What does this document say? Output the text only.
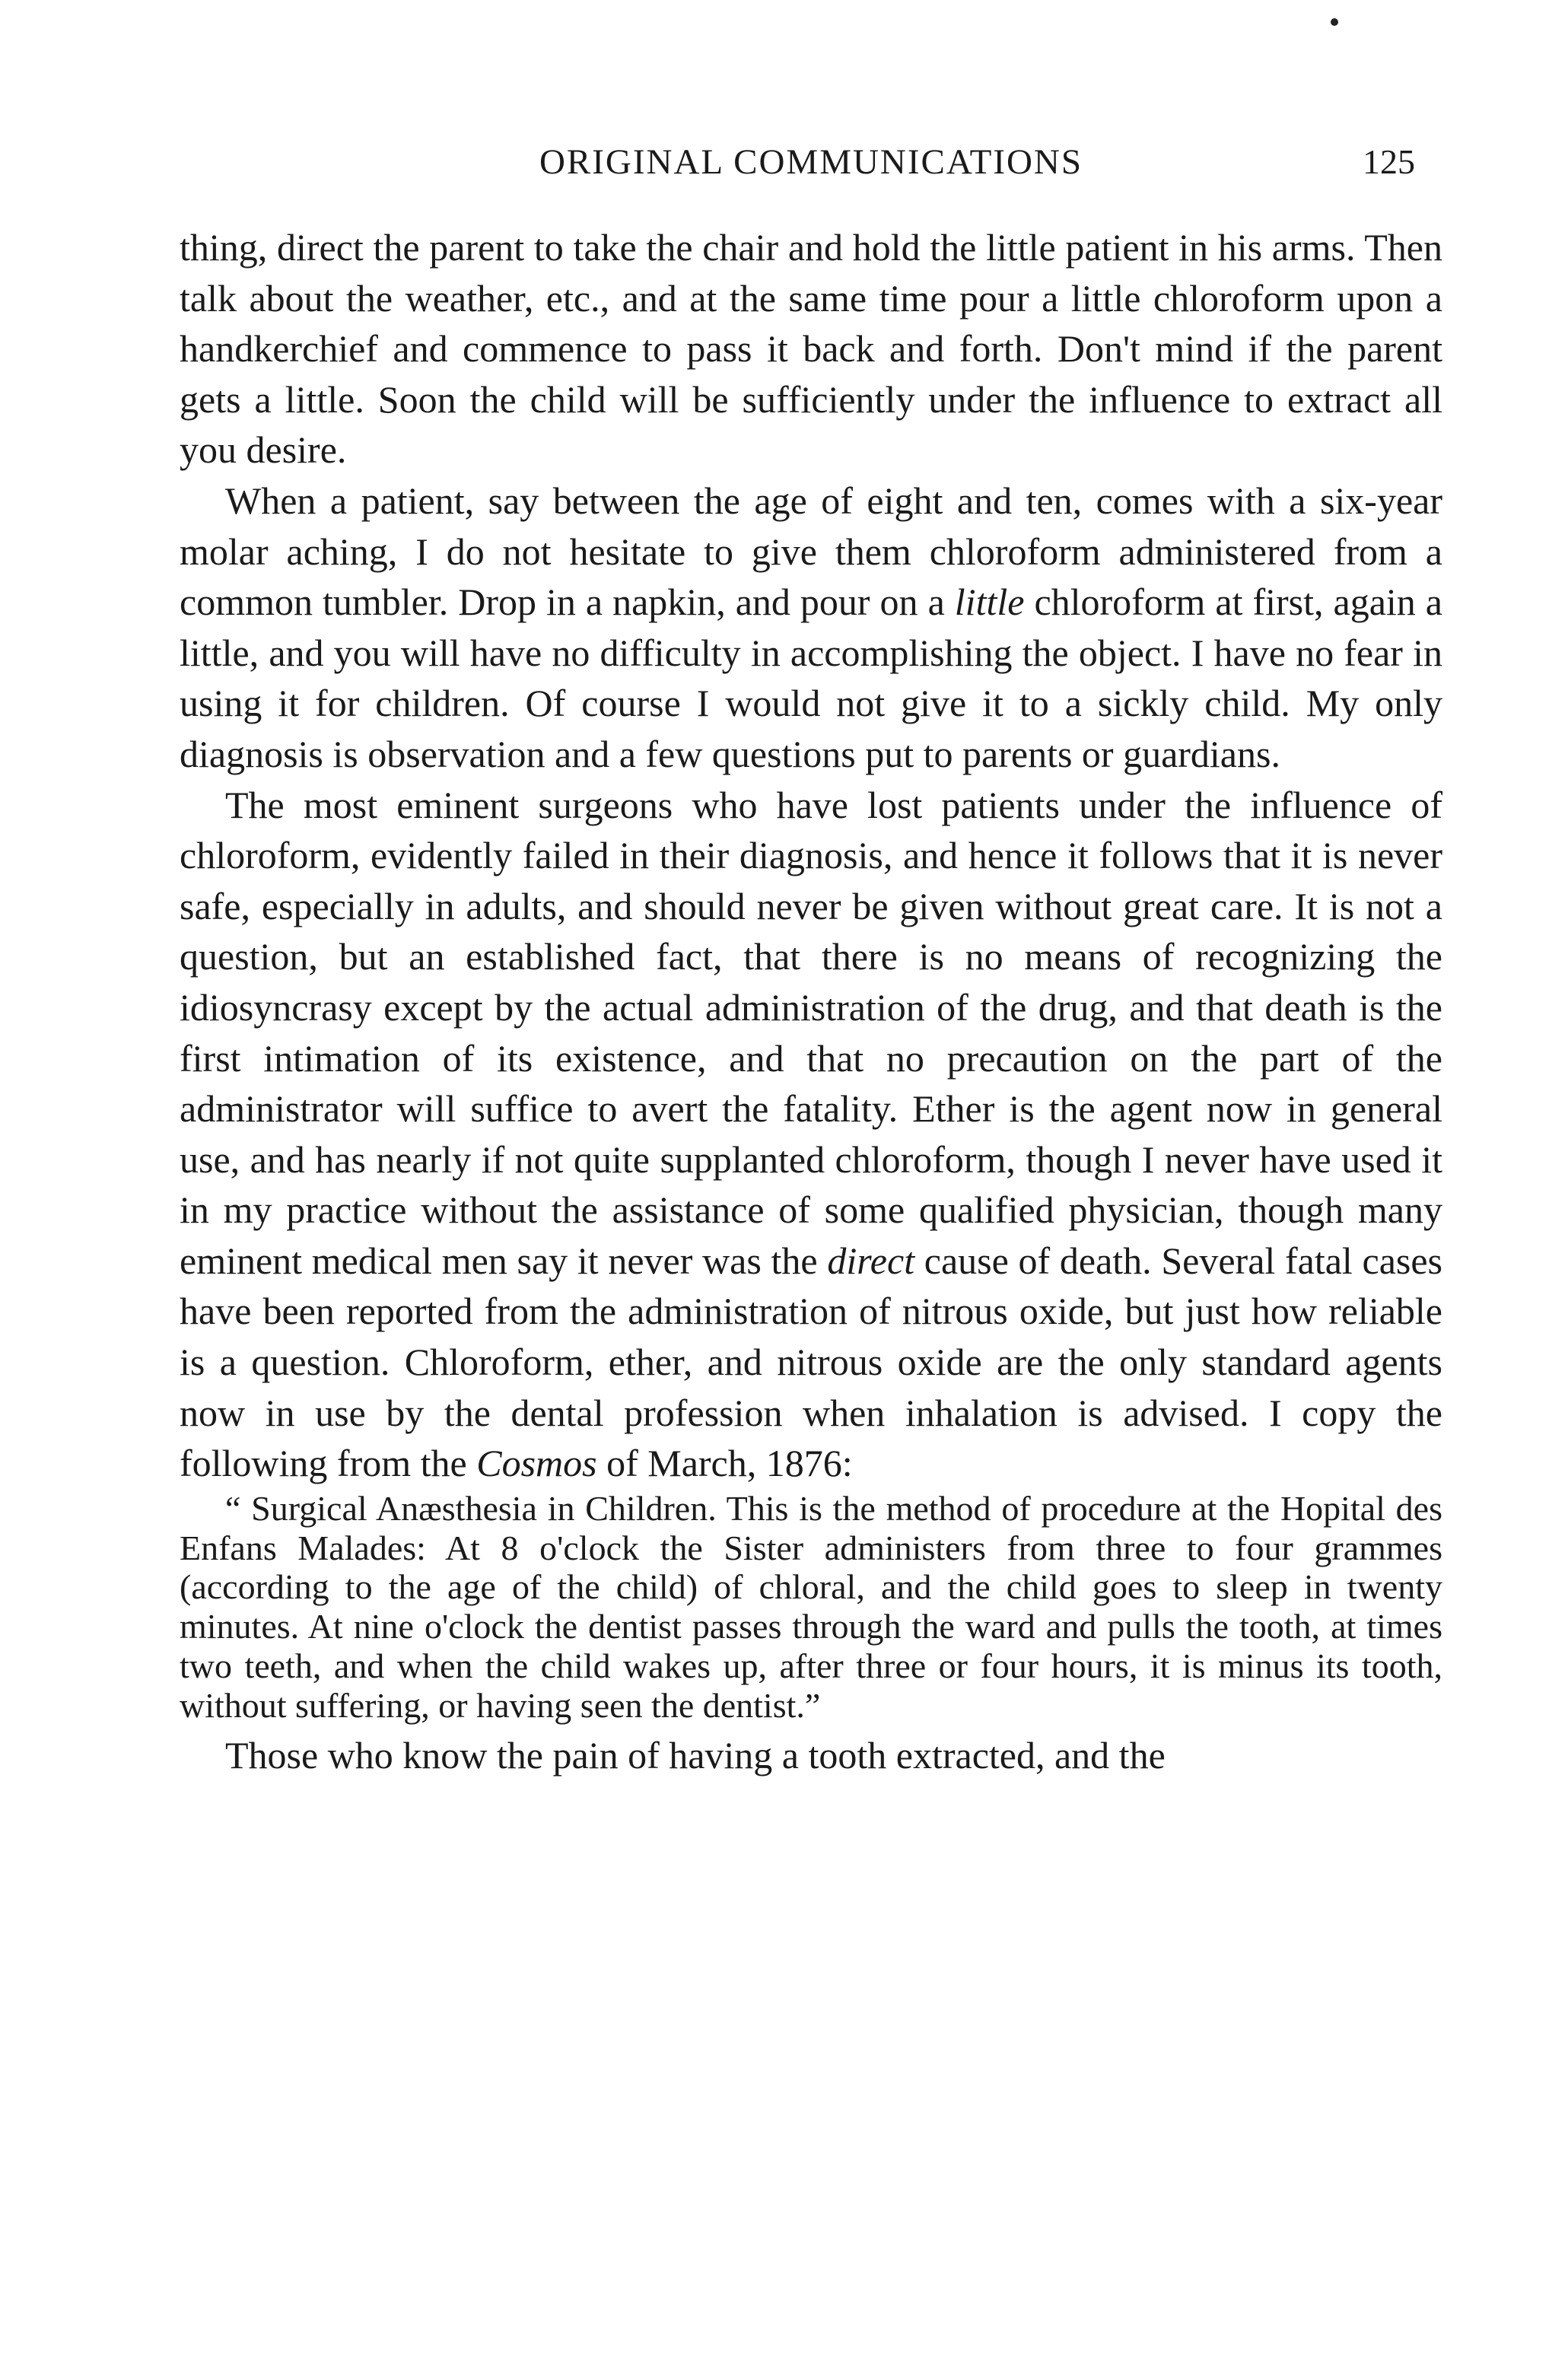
ORIGINAL COMMUNICATIONS	125

thing, direct the parent to take the chair and hold the little patient in his arms. Then talk about the weather, etc., and at the same time pour a little chloroform upon a handkerchief and commence to pass it back and forth. Don't mind if the parent gets a little. Soon the child will be sufficiently under the influence to extract all you desire.

When a patient, say between the age of eight and ten, comes with a six-year molar aching, I do not hesitate to give them chloroform administered from a common tumbler. Drop in a napkin, and pour on a little chloroform at first, again a little, and you will have no difficulty in accomplishing the object. I have no fear in using it for children. Of course I would not give it to a sickly child. My only diagnosis is observation and a few questions put to parents or guardians.

The most eminent surgeons who have lost patients under the influence of chloroform, evidently failed in their diagnosis, and hence it follows that it is never safe, especially in adults, and should never be given without great care. It is not a question, but an established fact, that there is no means of recognizing the idiosyncrasy except by the actual administration of the drug, and that death is the first intimation of its existence, and that no precaution on the part of the administrator will suffice to avert the fatality. Ether is the agent now in general use, and has nearly if not quite supplanted chloroform, though I never have used it in my practice without the assistance of some qualified physician, though many eminent medical men say it never was the direct cause of death. Several fatal cases have been reported from the administration of nitrous oxide, but just how reliable is a question. Chloroform, ether, and nitrous oxide are the only standard agents now in use by the dental profession when inhalation is advised. I copy the following from the Cosmos of March, 1876:

“ Surgical Anæsthesia in Children. This is the method of procedure at the Hopital des Enfans Malades: At 8 o'clock the Sister administers from three to four grammes (according to the age of the child) of chloral, and the child goes to sleep in twenty minutes. At nine o'clock the dentist passes through the ward and pulls the tooth, at times two teeth, and when the child wakes up, after three or four hours, it is minus its tooth, without suffering, or having seen the dentist.”

Those who know the pain of having a tooth extracted, and the
